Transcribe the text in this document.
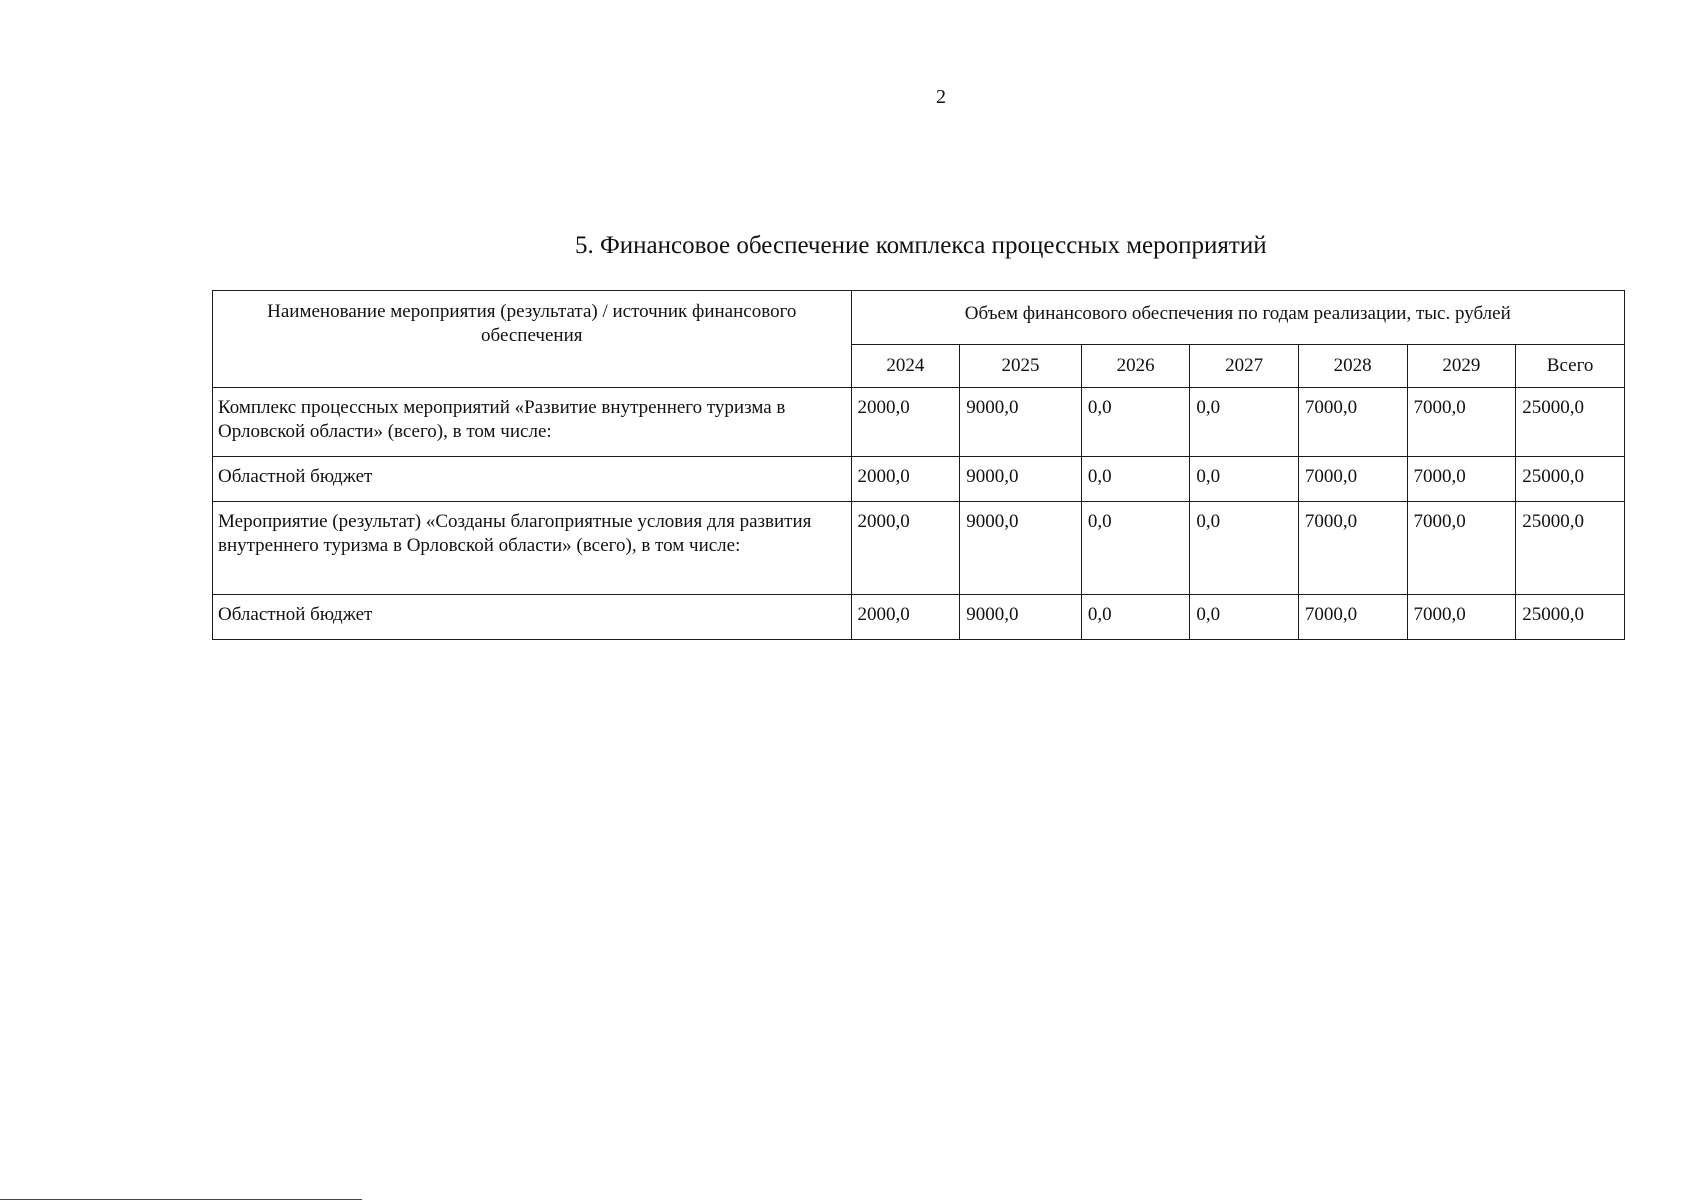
2
5. Финансовое обеспечение комплекса процессных мероприятий
Наименование мероприятия (результата) / источник финансового обеспечения	Объем финансового обеспечения по годам реализации, тыс. рублей						
	2024	2025	2026	2027	2028	2029	Всего
Комплекс процессных мероприятий «Развитие внутреннего туризма в Орловской области» (всего), в том числе:	2000,0	9000,0	0,0	0,0	7000,0	7000,0	25000,0
Областной бюджет	2000,0	9000,0	0,0	0,0	7000,0	7000,0	25000,0
Мероприятие (результат) «Созданы благоприятные условия для развития внутреннего туризма в Орловской области» (всего), в том числе:	2000,0	9000,0	0,0	0,0	7000,0	7000,0	25000,0
Областной бюджет	2000,0	9000,0	0,0	0,0	7000,0	7000,0	25000,0
